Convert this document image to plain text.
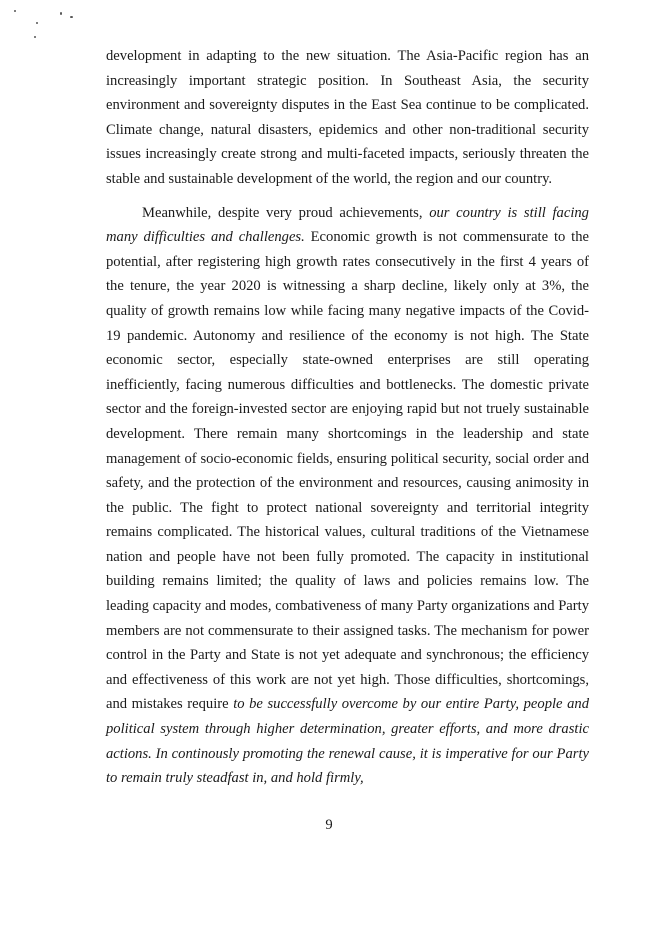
development in adapting to the new situation. The Asia-Pacific region has an increasingly important strategic position. In Southeast Asia, the security environment and sovereignty disputes in the East Sea continue to be complicated. Climate change, natural disasters, epidemics and other non-traditional security issues increasingly create strong and multi-faceted impacts, seriously threaten the stable and sustainable development of the world, the region and our country.

Meanwhile, despite very proud achievements, our country is still facing many difficulties and challenges. Economic growth is not commensurate to the potential, after registering high growth rates consecutively in the first 4 years of the tenure, the year 2020 is witnessing a sharp decline, likely only at 3%, the quality of growth remains low while facing many negative impacts of the Covid-19 pandemic. Autonomy and resilience of the economy is not high. The State economic sector, especially state-owned enterprises are still operating inefficiently, facing numerous difficulties and bottlenecks. The domestic private sector and the foreign-invested sector are enjoying rapid but not truely sustainable development. There remain many shortcomings in the leadership and state management of socio-economic fields, ensuring political security, social order and safety, and the protection of the environment and resources, causing animosity in the public. The fight to protect national sovereignty and territorial integrity remains complicated. The historical values, cultural traditions of the Vietnamese nation and people have not been fully promoted. The capacity in institutional building remains limited; the quality of laws and policies remains low. The leading capacity and modes, combativeness of many Party organizations and Party members are not commensurate to their assigned tasks. The mechanism for power control in the Party and State is not yet adequate and synchronous; the efficiency and effectiveness of this work are not yet high. Those difficulties, shortcomings, and mistakes require to be successfully overcome by our entire Party, people and political system through higher determination, greater efforts, and more drastic actions. In continously promoting the renewal cause, it is imperative for our Party to remain truly steadfast in, and hold firmly,

9
